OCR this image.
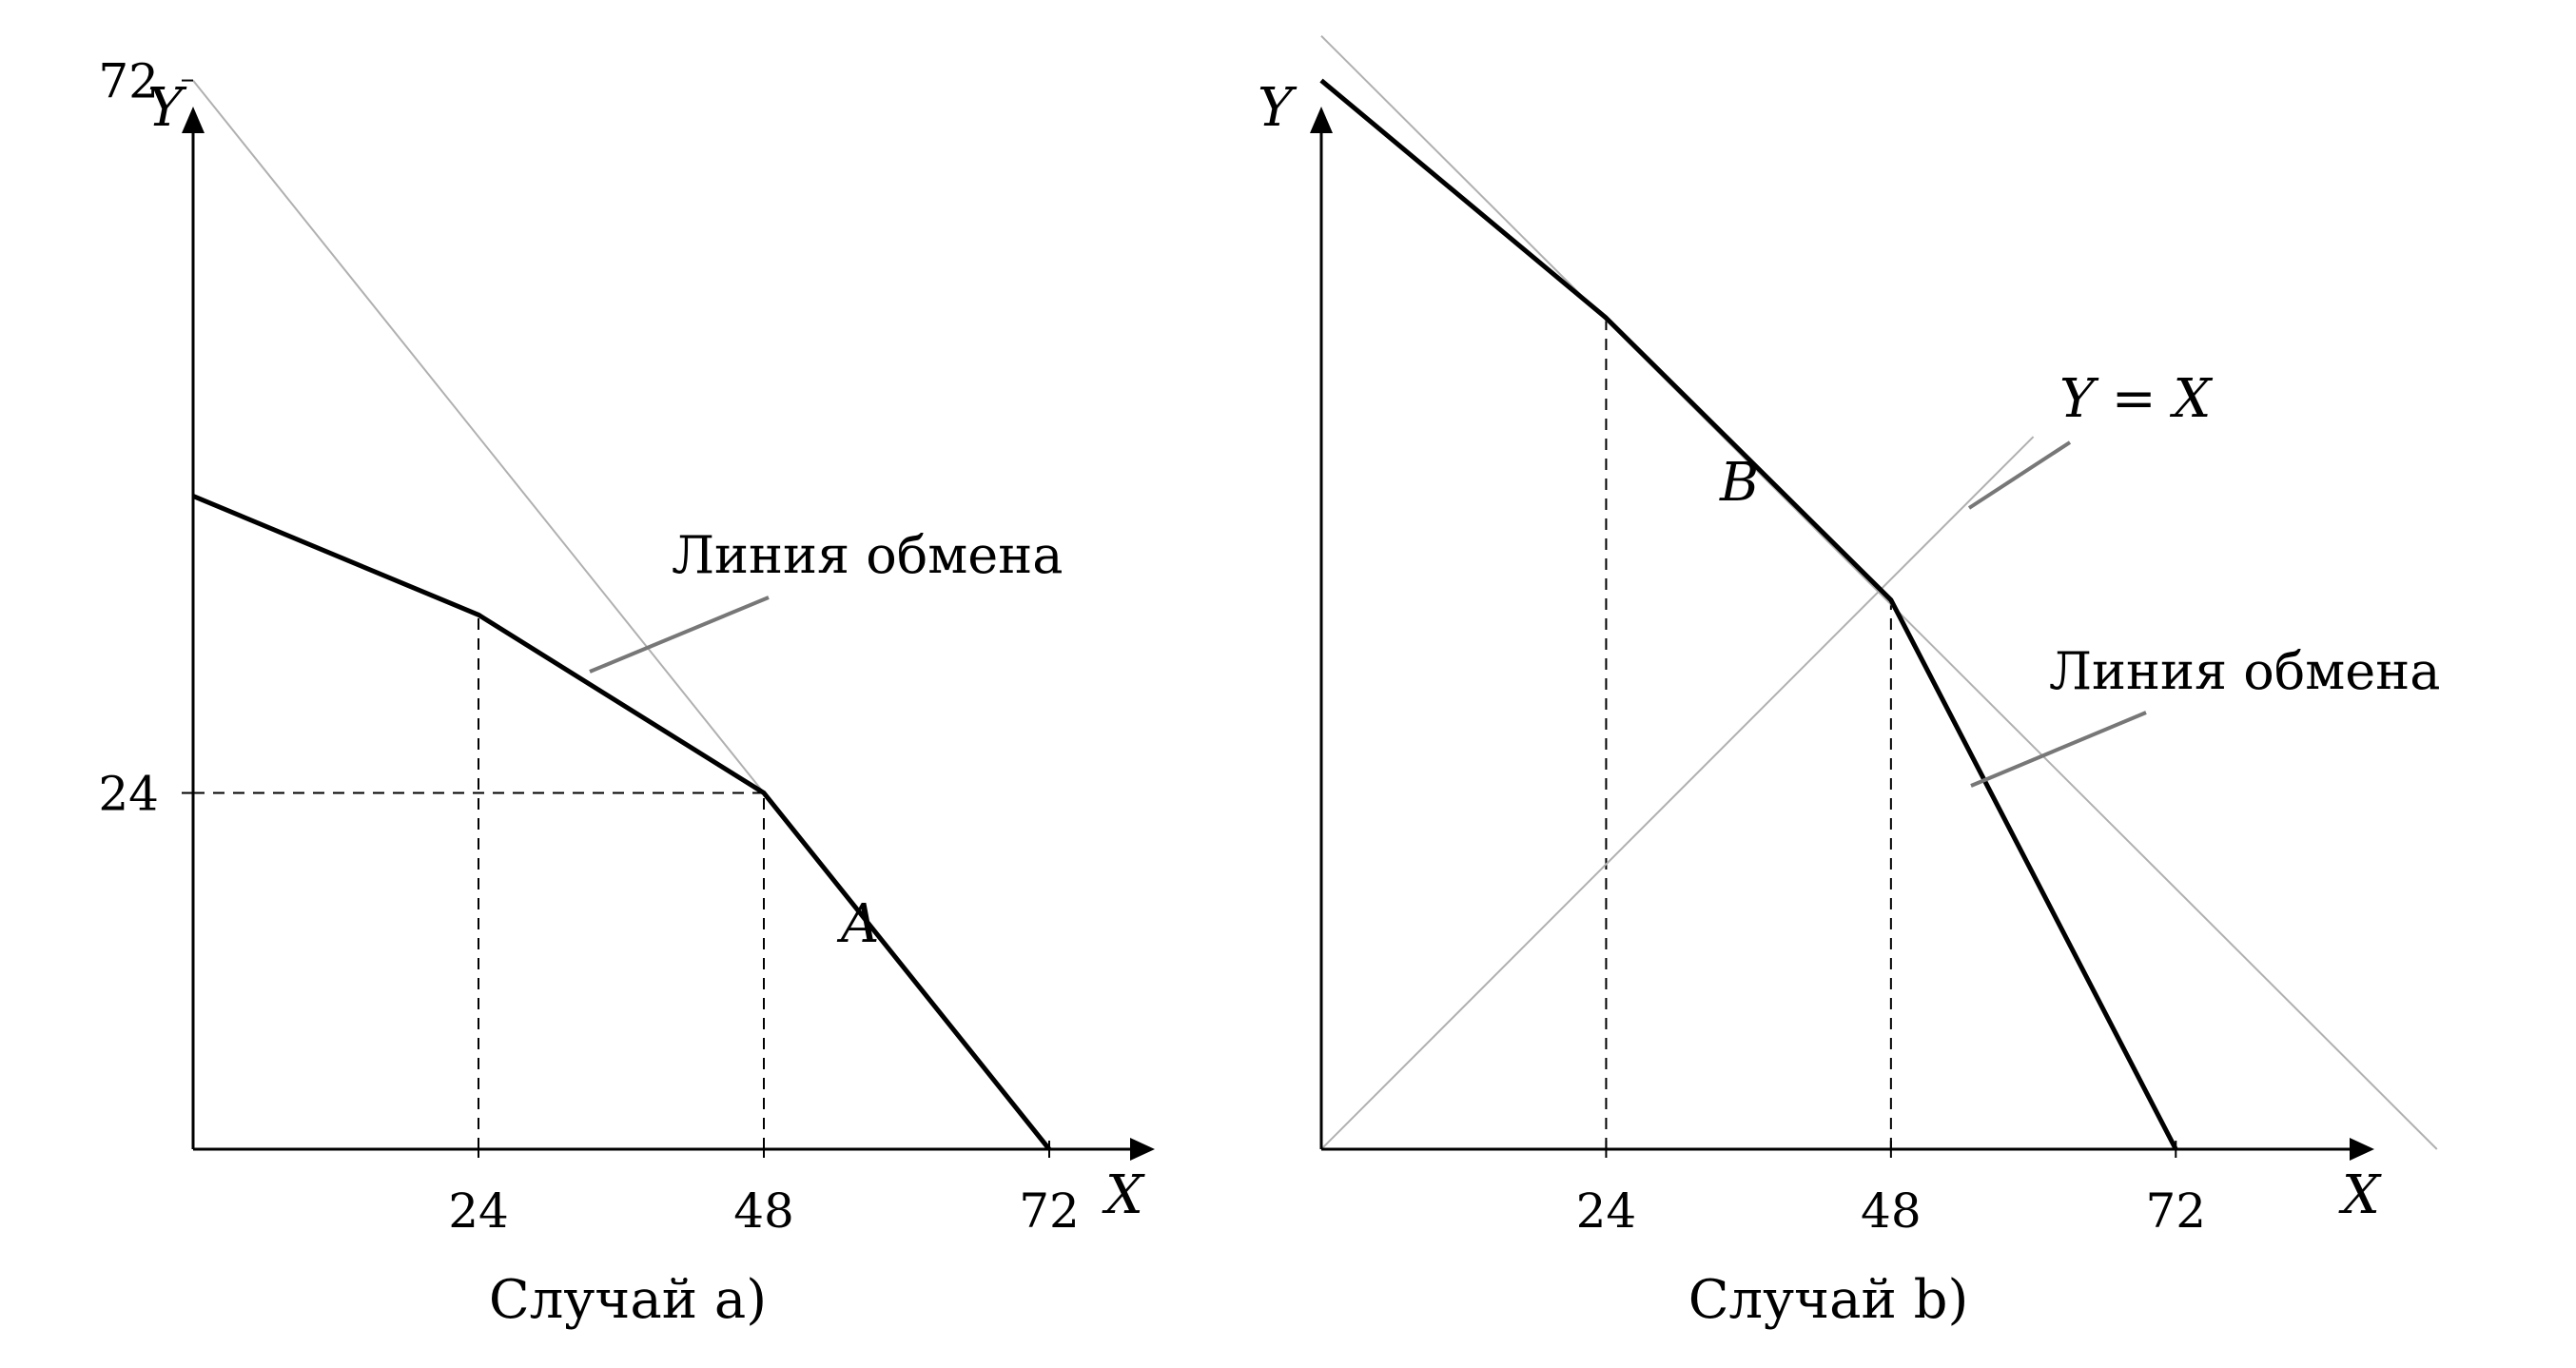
24	48	72
24
72
Y
X
Линия обмена
A
Случай a)
24	48	72
Y
X
Y = X
Линия обмена
B
Случай b)
